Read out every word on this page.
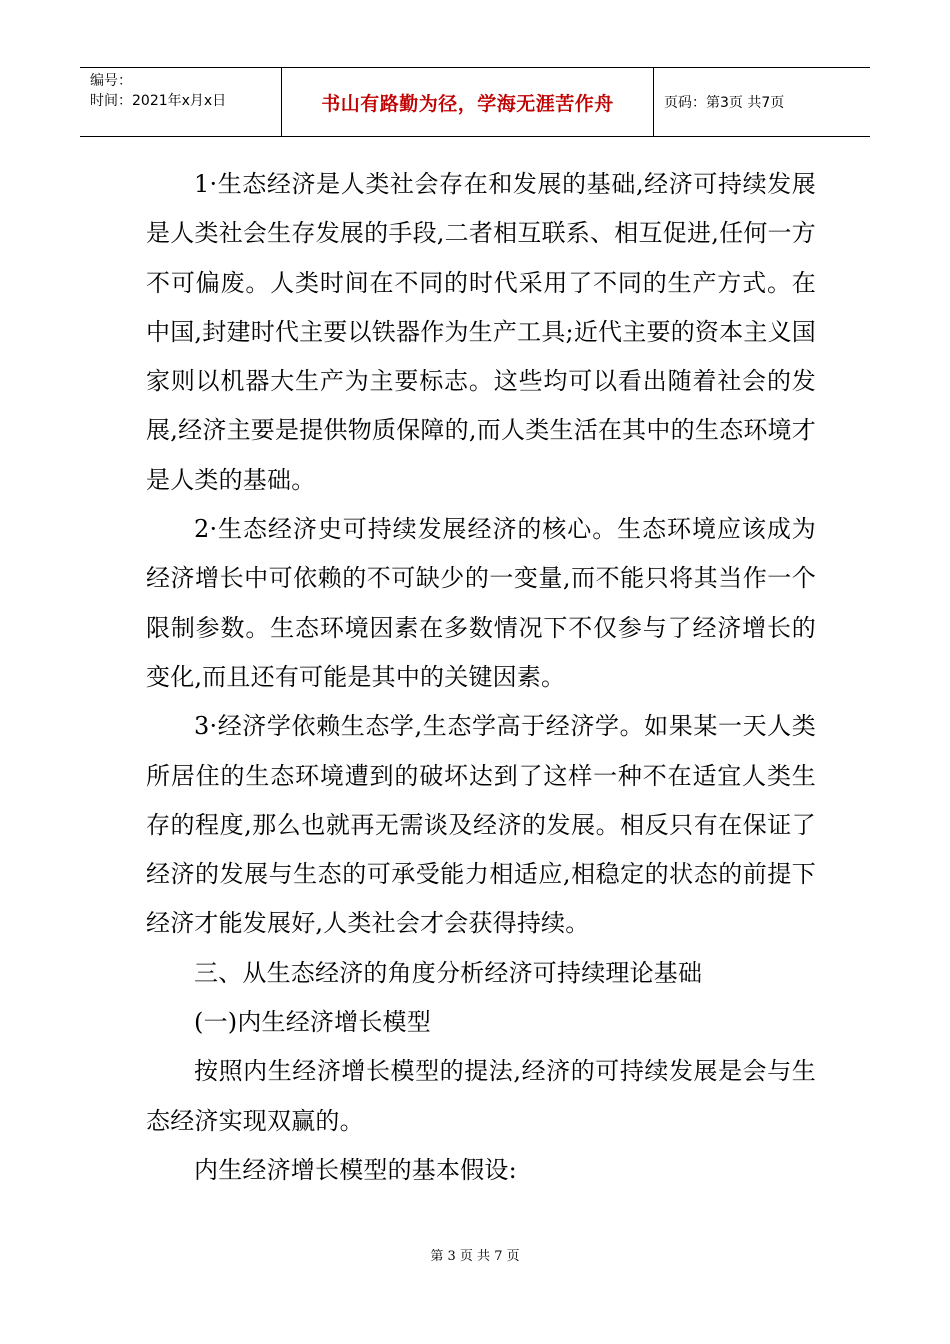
编号：
时间：2021年x月x日	书山有路勤为径，学海无涯苦作舟	页码：第3页 共7页

1·生态经济是人类社会存在和发展的基础,经济可持续发展是人类社会生存发展的手段,二者相互联系、相互促进,任何一方不可偏废。人类时间在不同的时代采用了不同的生产方式。在中国,封建时代主要以铁器作为生产工具;近代主要的资本主义国家则以机器大生产为主要标志。这些均可以看出随着社会的发展,经济主要是提供物质保障的,而人类生活在其中的生态环境才是人类的基础。

2·生态经济史可持续发展经济的核心。生态环境应该成为经济增长中可依赖的不可缺少的一变量,而不能只将其当作一个限制参数。生态环境因素在多数情况下不仅参与了经济增长的变化,而且还有可能是其中的关键因素。

3·经济学依赖生态学,生态学高于经济学。如果某一天人类所居住的生态环境遭到的破坏达到了这样一种不在适宜人类生存的程度,那么也就再无需谈及经济的发展。相反只有在保证了经济的发展与生态的可承受能力相适应,相稳定的状态的前提下经济才能发展好,人类社会才会获得持续。

三、从生态经济的角度分析经济可持续理论基础

(一)内生经济增长模型

按照内生经济增长模型的提法,经济的可持续发展是会与生态经济实现双赢的。

内生经济增长模型的基本假设:

第 3 页 共 7 页
